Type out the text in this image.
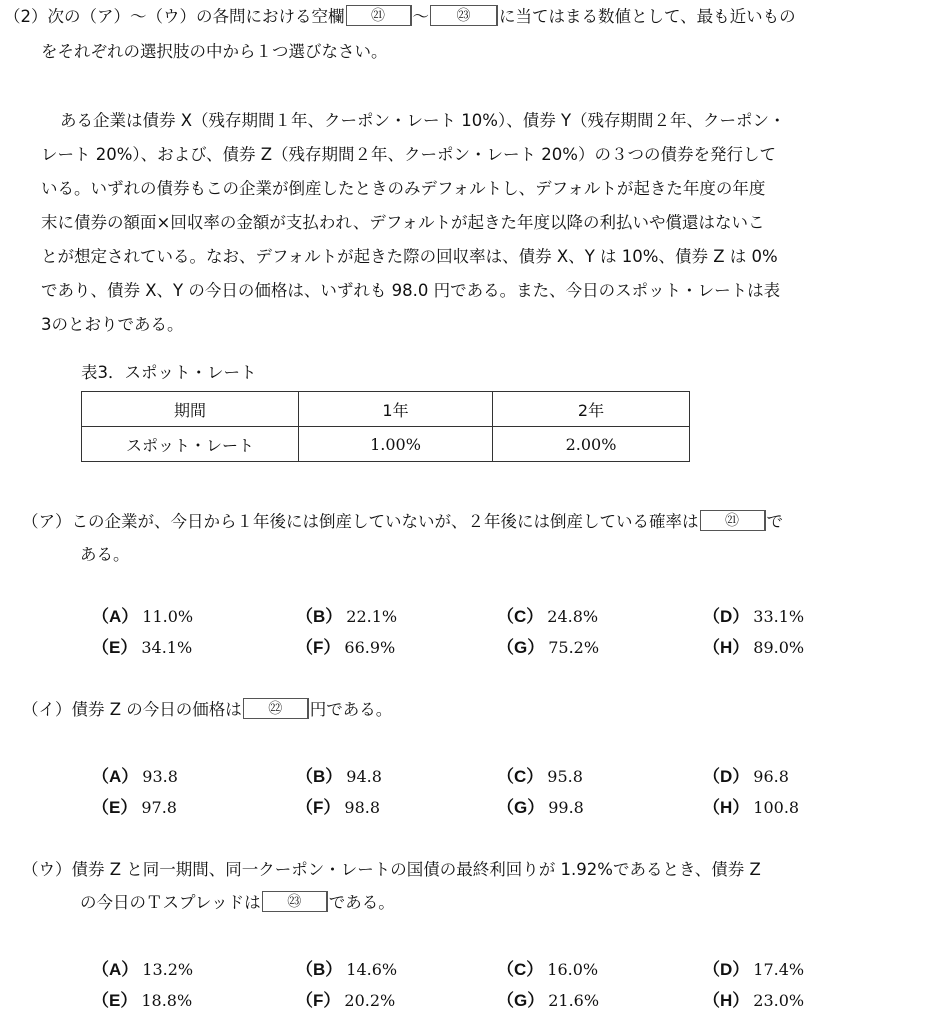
（2）次の（ア）～（ウ）の各問における空欄 ㉑ ～ ㉓ に当てはまる数値として、最も近いもの
をそれぞれの選択肢の中から１つ選びなさい。
ある企業は債券 X（残存期間１年、クーポン・レート 10%）、債券 Y（残存期間２年、クーポン・
レート 20%）、および、債券 Z（残存期間２年、クーポン・レート 20%）の３つの債券を発行して
いる。いずれの債券もこの企業が倒産したときのみデフォルトし、デフォルトが起きた年度の年度
末に債券の額面×回収率の金額が支払われ、デフォルトが起きた年度以降の利払いや償還はないこ
とが想定されている。なお、デフォルトが起きた際の回収率は、債券 X、Y は 10%、債券 Z は 0%
であり、債券 X、Y の今日の価格は、いずれも 98.0 円である。また、今日のスポット・レートは表
3のとおりである。
表3．スポット・レート
期間	1年	2年
スポット・レート	1.00%	2.00%
（ア）この企業が、今日から１年後には倒産していないが、２年後には倒産している確率は ㉑ で
ある。
（A） 11.0%	（B） 22.1%	（C） 24.8%	（D） 33.1%
（E） 34.1%	（F） 66.9%	（G） 75.2%	（H） 89.0%
（イ）債券 Z の今日の価格は ㉒ 円である。
（A） 93.8	（B） 94.8	（C） 95.8	（D） 96.8
（E） 97.8	（F） 98.8	（G） 99.8	（H） 100.8
（ウ）債券 Z と同一期間、同一クーポン・レートの国債の最終利回りが 1.92%であるとき、債券 Z
の今日のＴスプレッドは ㉓ である。
（A） 13.2%	（B） 14.6%	（C） 16.0%	（D） 17.4%
（E） 18.8%	（F） 20.2%	（G） 21.6%	（H） 23.0%
